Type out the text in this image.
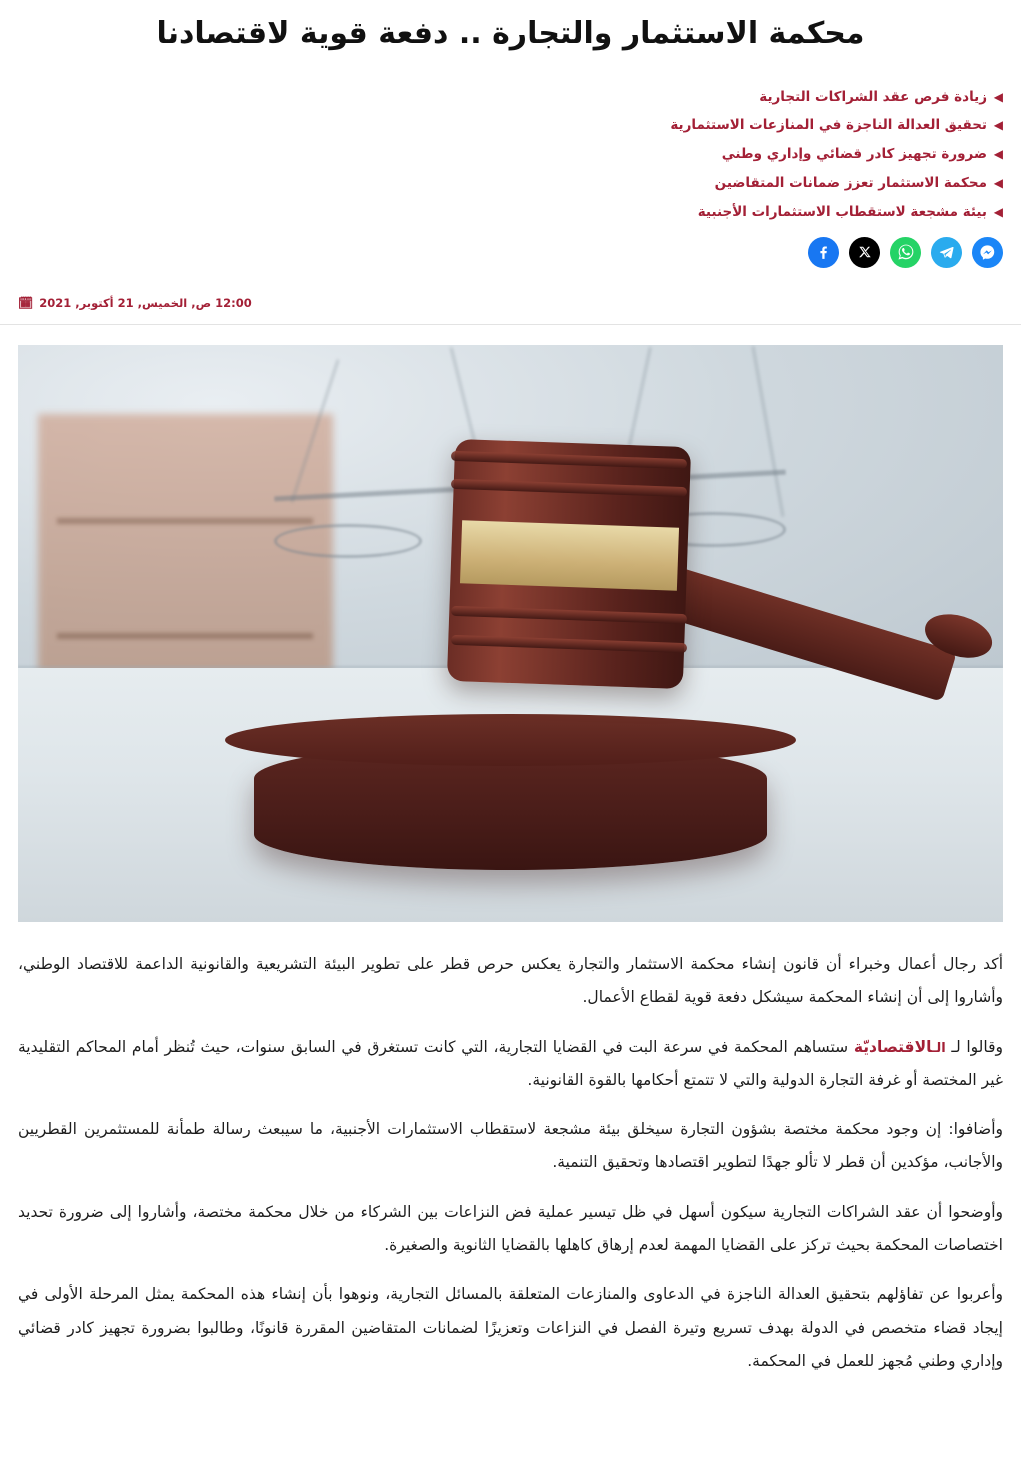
محكمة الاستثمار والتجارة .. دفعة قوية لاقتصادنا
◀
زيادة فرص عقد الشراكات التجارية
◀
تحقيق العدالة الناجزة في المنازعات الاستثمارية
◀
ضرورة تجهيز كادر قضائي وإداري وطني
◀
محكمة الاستثمار تعزز ضمانات المتقاضين
◀
بيئة مشجعة لاستقطاب الاستثمارات الأجنبية
🗓 12:00 ص, الخميس, 21 أكتوبر, 2021

أكد رجال أعمال وخبراء أن قانون إنشاء محكمة الاستثمار والتجارة يعكس حرص قطر على تطوير البيئة التشريعية والقانونية الداعمة للاقتصاد الوطني، وأشاروا إلى أن إنشاء المحكمة سيشكل دفعة قوية لقطاع الأعمال.

وقالوا لـ الـالاقتصاديّة ستساهم المحكمة في سرعة البت في القضايا التجارية، التي كانت تستغرق في السابق سنوات، حيث تُنظر أمام المحاكم التقليدية غير المختصة أو غرفة التجارة الدولية والتي لا تتمتع أحكامها بالقوة القانونية.

وأضافوا: إن وجود محكمة مختصة بشؤون التجارة سيخلق بيئة مشجعة لاستقطاب الاستثمارات الأجنبية، ما سيبعث رسالة طمأنة للمستثمرين القطريين والأجانب، مؤكدين أن قطر لا تألو جهدًا لتطوير اقتصادها وتحقيق التنمية.

وأوضحوا أن عقد الشراكات التجارية سيكون أسهل في ظل تيسير عملية فض النزاعات بين الشركاء من خلال محكمة مختصة، وأشاروا إلى ضرورة تحديد اختصاصات المحكمة بحيث تركز على القضايا المهمة لعدم إرهاق كاهلها بالقضايا الثانوية والصغيرة.

وأعربوا عن تفاؤلهم بتحقيق العدالة الناجزة في الدعاوى والمنازعات المتعلقة بالمسائل التجارية، ونوهوا بأن إنشاء هذه المحكمة يمثل المرحلة الأولى في إيجاد قضاء متخصص في الدولة بهدف تسريع وتيرة الفصل في النزاعات وتعزيزًا لضمانات المتقاضين المقررة قانونًا، وطالبوا بضرورة تجهيز كادر قضائي وإداري وطني مُجهز للعمل في المحكمة.
